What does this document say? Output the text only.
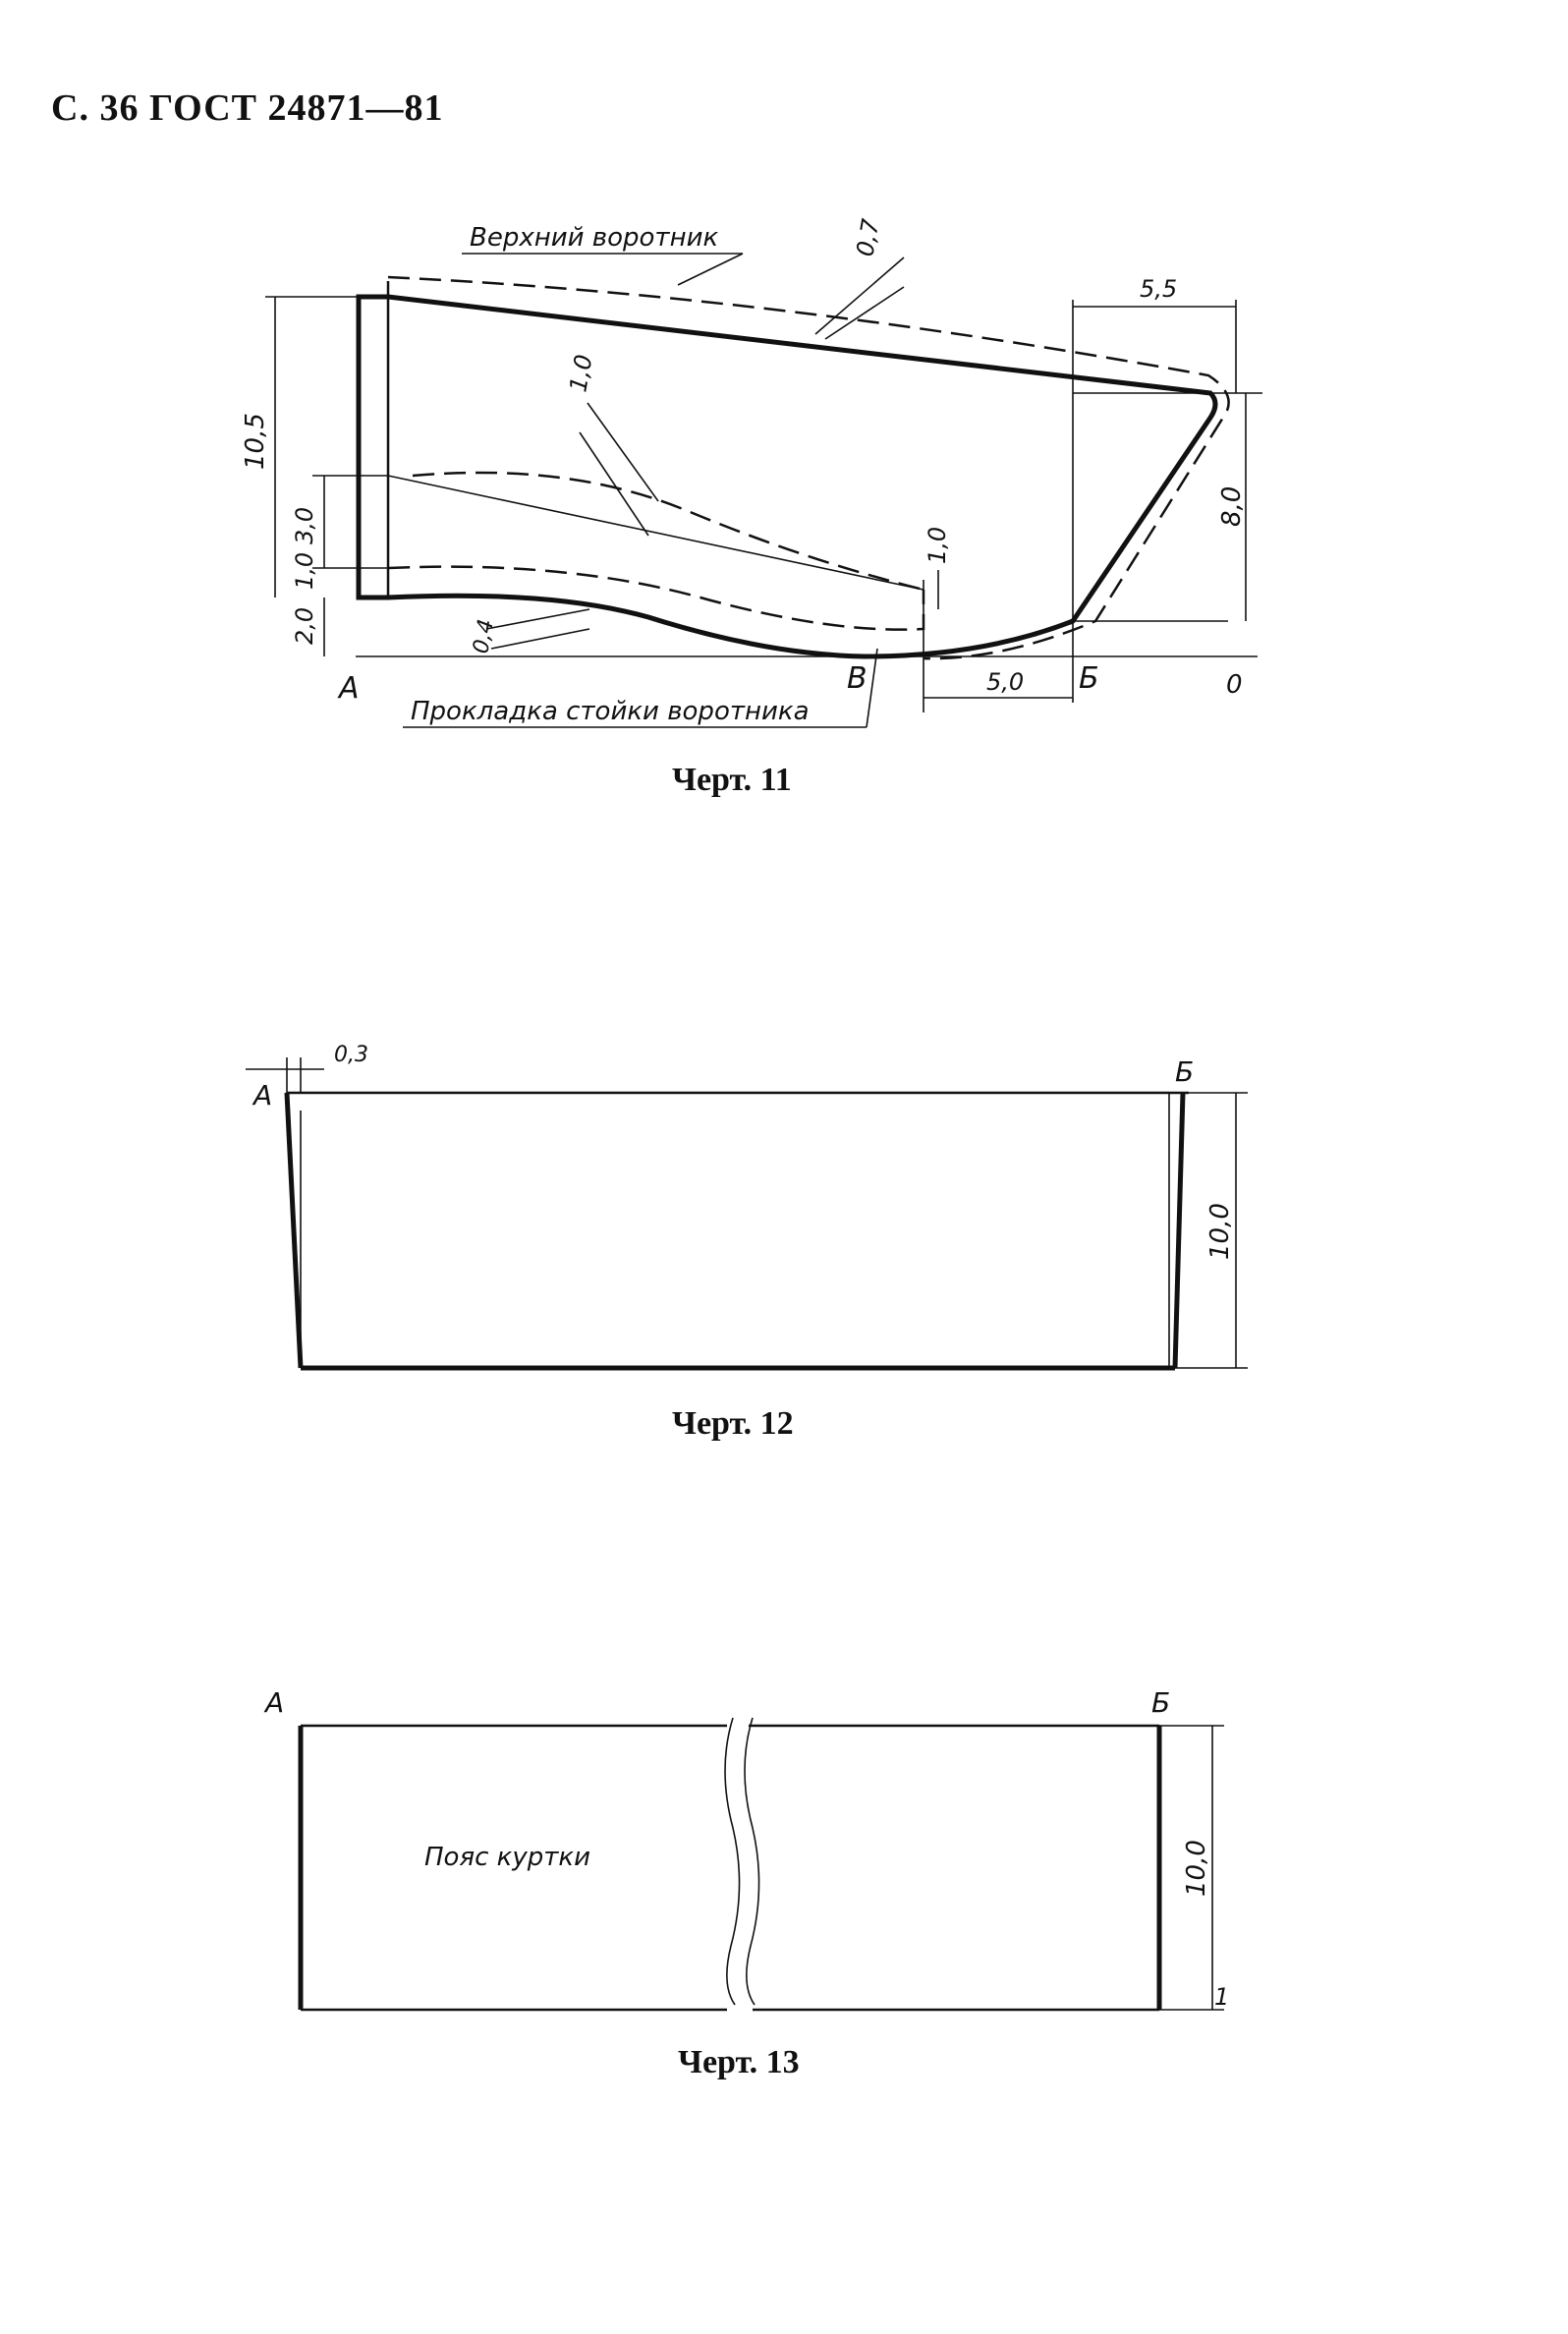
С. 36 ГОСТ 24871—81
Верхний воротник
Прокладка стойки воротника
А	В	Б	0
0,7
5,5
10,5
1,0
3,0
1,0
2,0	0,4
1,0
8,0
5,0
Черт. 11
А
Б
0,3
10,0
Черт. 12
А	Б
Пояс куртки
1
10,0
Черт. 13
